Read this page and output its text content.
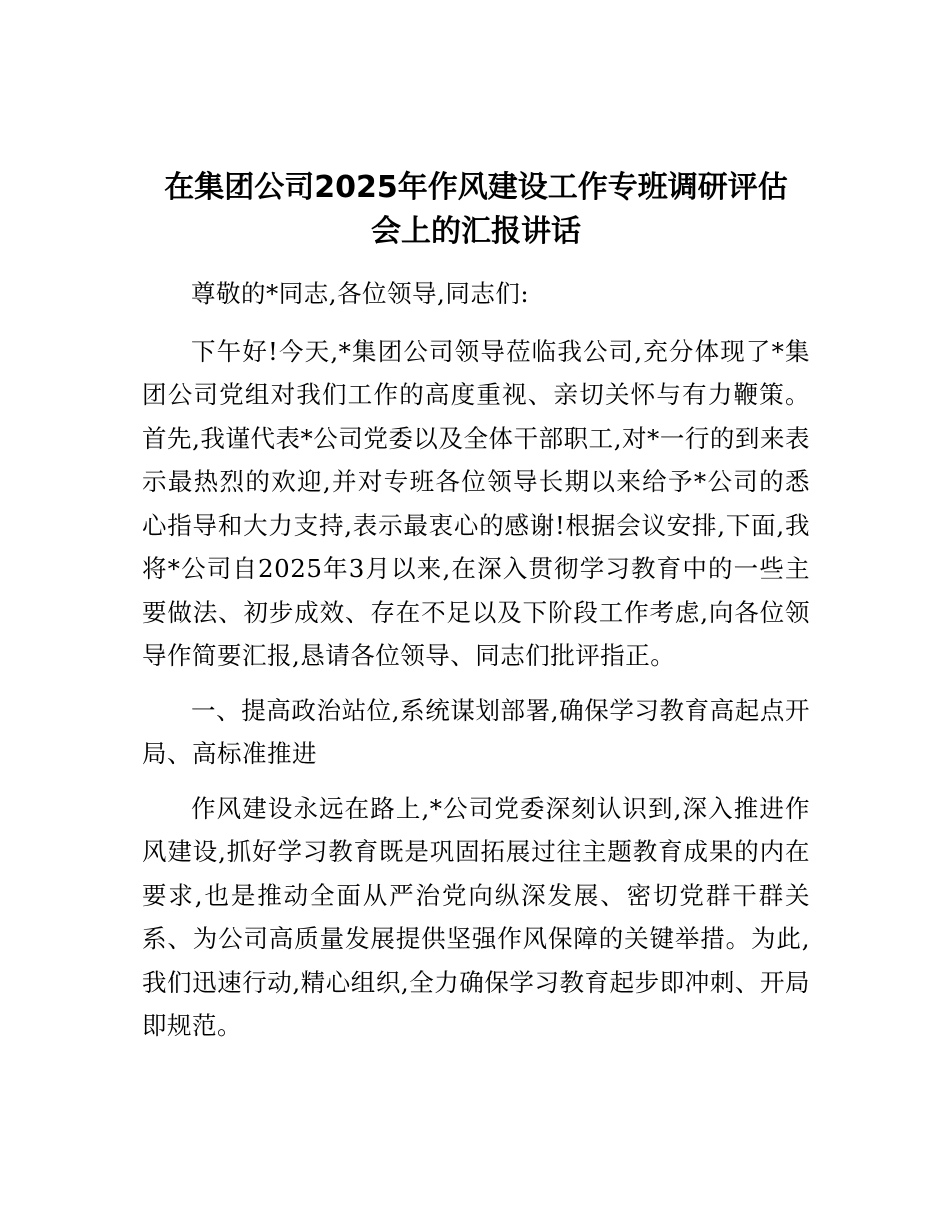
在集团公司2025年作风建设工作专班调研评估
会上的汇报讲话

尊敬的*同志,各位领导,同志们:

下午好!今天,*集团公司领导莅临我公司,充分体现了*集团公司党组对我们工作的高度重视、亲切关怀与有力鞭策。首先,我谨代表*公司党委以及全体干部职工,对*一行的到来表示最热烈的欢迎,并对专班各位领导长期以来给予*公司的悉心指导和大力支持,表示最衷心的感谢!根据会议安排,下面,我将*公司自2025年3月以来,在深入贯彻学习教育中的一些主要做法、初步成效、存在不足以及下阶段工作考虑,向各位领导作简要汇报,恳请各位领导、同志们批评指正。

一、提高政治站位,系统谋划部署,确保学习教育高起点开局、高标准推进

作风建设永远在路上,*公司党委深刻认识到,深入推进作风建设,抓好学习教育既是巩固拓展过往主题教育成果的内在要求,也是推动全面从严治党向纵深发展、密切党群干群关系、为公司高质量发展提供坚强作风保障的关键举措。为此,我们迅速行动,精心组织,全力确保学习教育起步即冲刺、开局即规范。
